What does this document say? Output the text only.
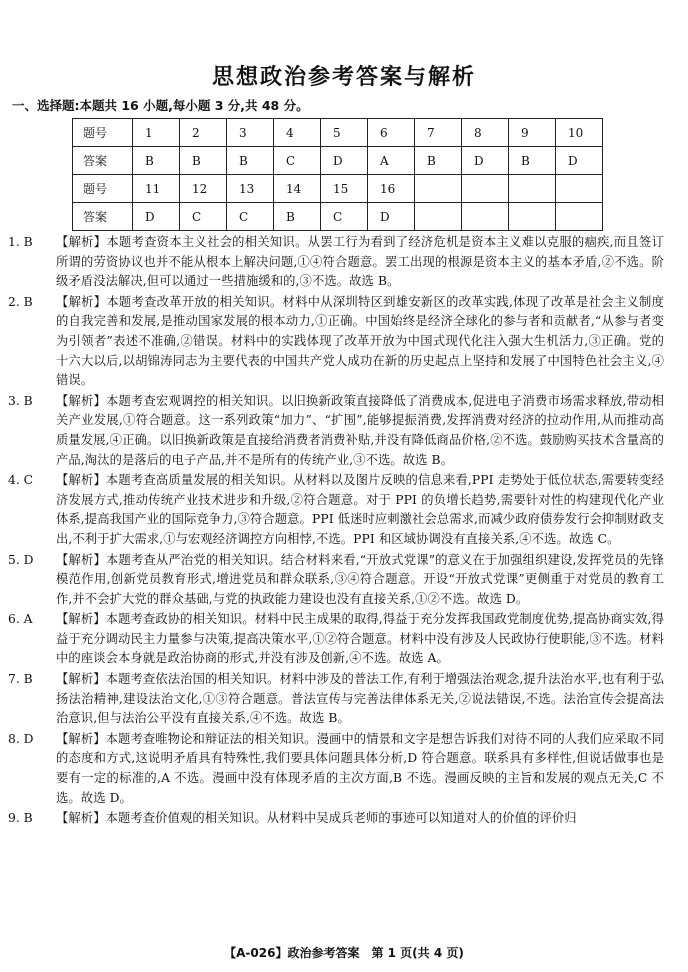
思想政治参考答案与解析
一、选择题:本题共 16 小题,每小题 3 分,共 48 分。
题号	1	2	3	4	5	6	7	8	9	10
答案	B	B	B	C	D	A	B	D	B	D
题号	11	12	13	14	15	16				
答案	D	C	C	B	C	D				
1. B	【解析】本题考查资本主义社会的相关知识。从罢工行为看到了经济危机是资本主义难以克服的痼疾,而且签订所谓的劳资协议也并不能从根本上解决问题,①④符合题意。罢工出现的根源是资本主义的基本矛盾,②不选。阶级矛盾没法解决,但可以通过一些措施缓和的,③不选。故选 B。
2. B	【解析】本题考查改革开放的相关知识。材料中从深圳特区到雄安新区的改革实践,体现了改革是社会主义制度的自我完善和发展,是推动国家发展的根本动力,①正确。中国始终是经济全球化的参与者和贡献者,“从参与者变为引领者”表述不准确,②错误。材料中的实践体现了改革开放为中国式现代化注入强大生机活力,③正确。党的十六大以后,以胡锦涛同志为主要代表的中国共产党人成功在新的历史起点上坚持和发展了中国特色社会主义,④错误。
3. B	【解析】本题考查宏观调控的相关知识。以旧换新政策直接降低了消费成本,促进电子消费市场需求释放,带动相关产业发展,①符合题意。这一系列政策“加力”、“扩围”,能够提振消费,发挥消费对经济的拉动作用,从而推动高质量发展,④正确。以旧换新政策是直接给消费者消费补贴,并没有降低商品价格,②不选。鼓励购买技术含量高的产品,淘汰的是落后的电子产品,并不是所有的传统产业,③不选。故选 B。
4. C	【解析】本题考查高质量发展的相关知识。从材料以及图片反映的信息来看,PPI 走势处于低位状态,需要转变经济发展方式,推动传统产业技术进步和升级,②符合题意。对于 PPI 的负增长趋势,需要针对性的构建现代化产业体系,提高我国产业的国际竞争力,③符合题意。PPI 低迷时应刺激社会总需求,而减少政府债券发行会抑制财政支出,不利于扩大需求,①与宏观经济调控方向相悖,不选。PPI 和区域协调没有直接关系,④不选。故选 C。
5. D	【解析】本题考查从严治党的相关知识。结合材料来看,“开放式党课”的意义在于加强组织建设,发挥党员的先锋模范作用,创新党员教育形式,增进党员和群众联系,③④符合题意。开设“开放式党课”更侧重于对党员的教育工作,并不会扩大党的群众基础,与党的执政能力建设也没有直接关系,①②不选。故选 D。
6. A	【解析】本题考查政协的相关知识。材料中民主成果的取得,得益于充分发挥我国政党制度优势,提高协商实效,得益于充分调动民主力量参与决策,提高决策水平,①②符合题意。材料中没有涉及人民政协行使职能,③不选。材料中的座谈会本身就是政治协商的形式,并没有涉及创新,④不选。故选 A。
7. B	【解析】本题考查依法治国的相关知识。材料中涉及的普法工作,有利于增强法治观念,提升法治水平,也有利于弘扬法治精神,建设法治文化,①③符合题意。普法宣传与完善法律体系无关,②说法错误,不选。法治宣传会提高法治意识,但与法治公平没有直接关系,④不选。故选 B。
8. D	【解析】本题考查唯物论和辩证法的相关知识。漫画中的情景和文字是想告诉我们对待不同的人我们应采取不同的态度和方式,这说明矛盾具有特殊性,我们要具体问题具体分析,D 符合题意。联系具有多样性,但说话做事也是要有一定的标准的,A 不选。漫画中没有体现矛盾的主次方面,B 不选。漫画反映的主旨和发展的观点无关,C 不选。故选 D。
9. B	【解析】本题考查价值观的相关知识。从材料中吴成兵老师的事迹可以知道对人的价值的评价归
【A-026】政治参考答案　第 1 页(共 4 页)
